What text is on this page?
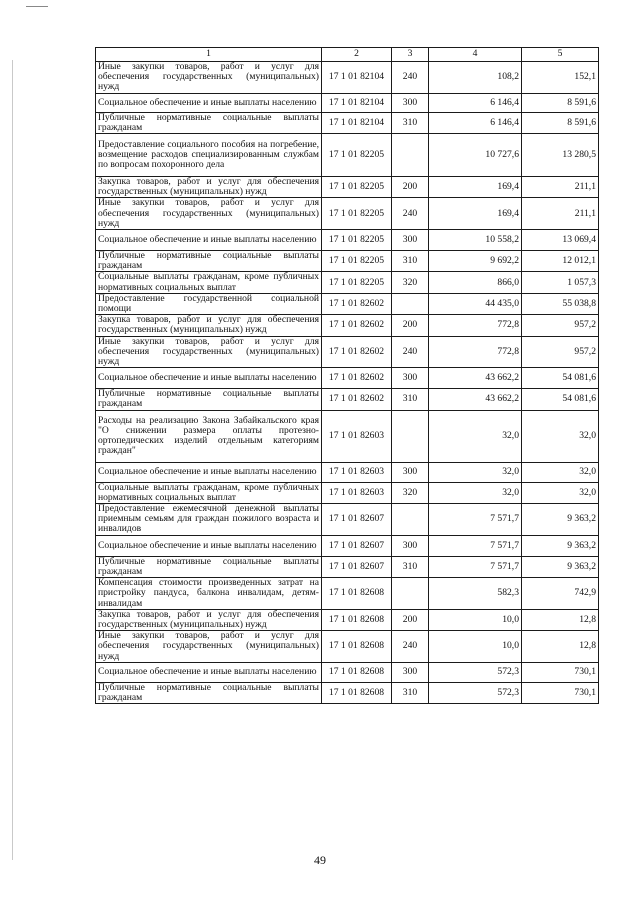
1	2	3	4	5
Иные закупки товаров, работ и услуг для обеспечения государственных (муниципальных) нужд	17 1 01 82104	240	108,2	152,1
Социальное обеспечение и иные выплаты населению	17 1 01 82104	300	6 146,4	8 591,6
Публичные нормативные социальные выплаты гражданам	17 1 01 82104	310	6 146,4	8 591,6
Предоставление социального пособия на погребение, возмещение расходов специализированным службам по вопросам похоронного дела	17 1 01 82205		10 727,6	13 280,5
Закупка товаров, работ и услуг для обеспечения государственных (муниципальных) нужд	17 1 01 82205	200	169,4	211,1
Иные закупки товаров, работ и услуг для обеспечения государственных (муниципальных) нужд	17 1 01 82205	240	169,4	211,1
Социальное обеспечение и иные выплаты населению	17 1 01 82205	300	10 558,2	13 069,4
Публичные нормативные социальные выплаты гражданам	17 1 01 82205	310	9 692,2	12 012,1
Социальные выплаты гражданам, кроме публичных нормативных социальных выплат	17 1 01 82205	320	866,0	1 057,3
Предоставление государственной социальной помощи	17 1 01 82602		44 435,0	55 038,8
Закупка товаров, работ и услуг для обеспечения государственных (муниципальных) нужд	17 1 01 82602	200	772,8	957,2
Иные закупки товаров, работ и услуг для обеспечения государственных (муниципальных) нужд	17 1 01 82602	240	772,8	957,2
Социальное обеспечение и иные выплаты населению	17 1 01 82602	300	43 662,2	54 081,6
Публичные нормативные социальные выплаты гражданам	17 1 01 82602	310	43 662,2	54 081,6
Расходы на реализацию Закона Забайкальского края "О снижении размера оплаты протезно-ортопедических изделий отдельным категориям граждан"	17 1 01 82603		32,0	32,0
Социальное обеспечение и иные выплаты населению	17 1 01 82603	300	32,0	32,0
Социальные выплаты гражданам, кроме публичных нормативных социальных выплат	17 1 01 82603	320	32,0	32,0
Предоставление ежемесячной денежной выплаты приемным семьям для граждан пожилого возраста и инвалидов	17 1 01 82607		7 571,7	9 363,2
Социальное обеспечение и иные выплаты населению	17 1 01 82607	300	7 571,7	9 363,2
Публичные нормативные социальные выплаты гражданам	17 1 01 82607	310	7 571,7	9 363,2
Компенсация стоимости произведенных затрат на пристройку пандуса, балкона инвалидам, детям-инвалидам	17 1 01 82608		582,3	742,9
Закупка товаров, работ и услуг для обеспечения государственных (муниципальных) нужд	17 1 01 82608	200	10,0	12,8
Иные закупки товаров, работ и услуг для обеспечения государственных (муниципальных) нужд	17 1 01 82608	240	10,0	12,8
Социальное обеспечение и иные выплаты населению	17 1 01 82608	300	572,3	730,1
Публичные нормативные социальные выплаты гражданам	17 1 01 82608	310	572,3	730,1
49
